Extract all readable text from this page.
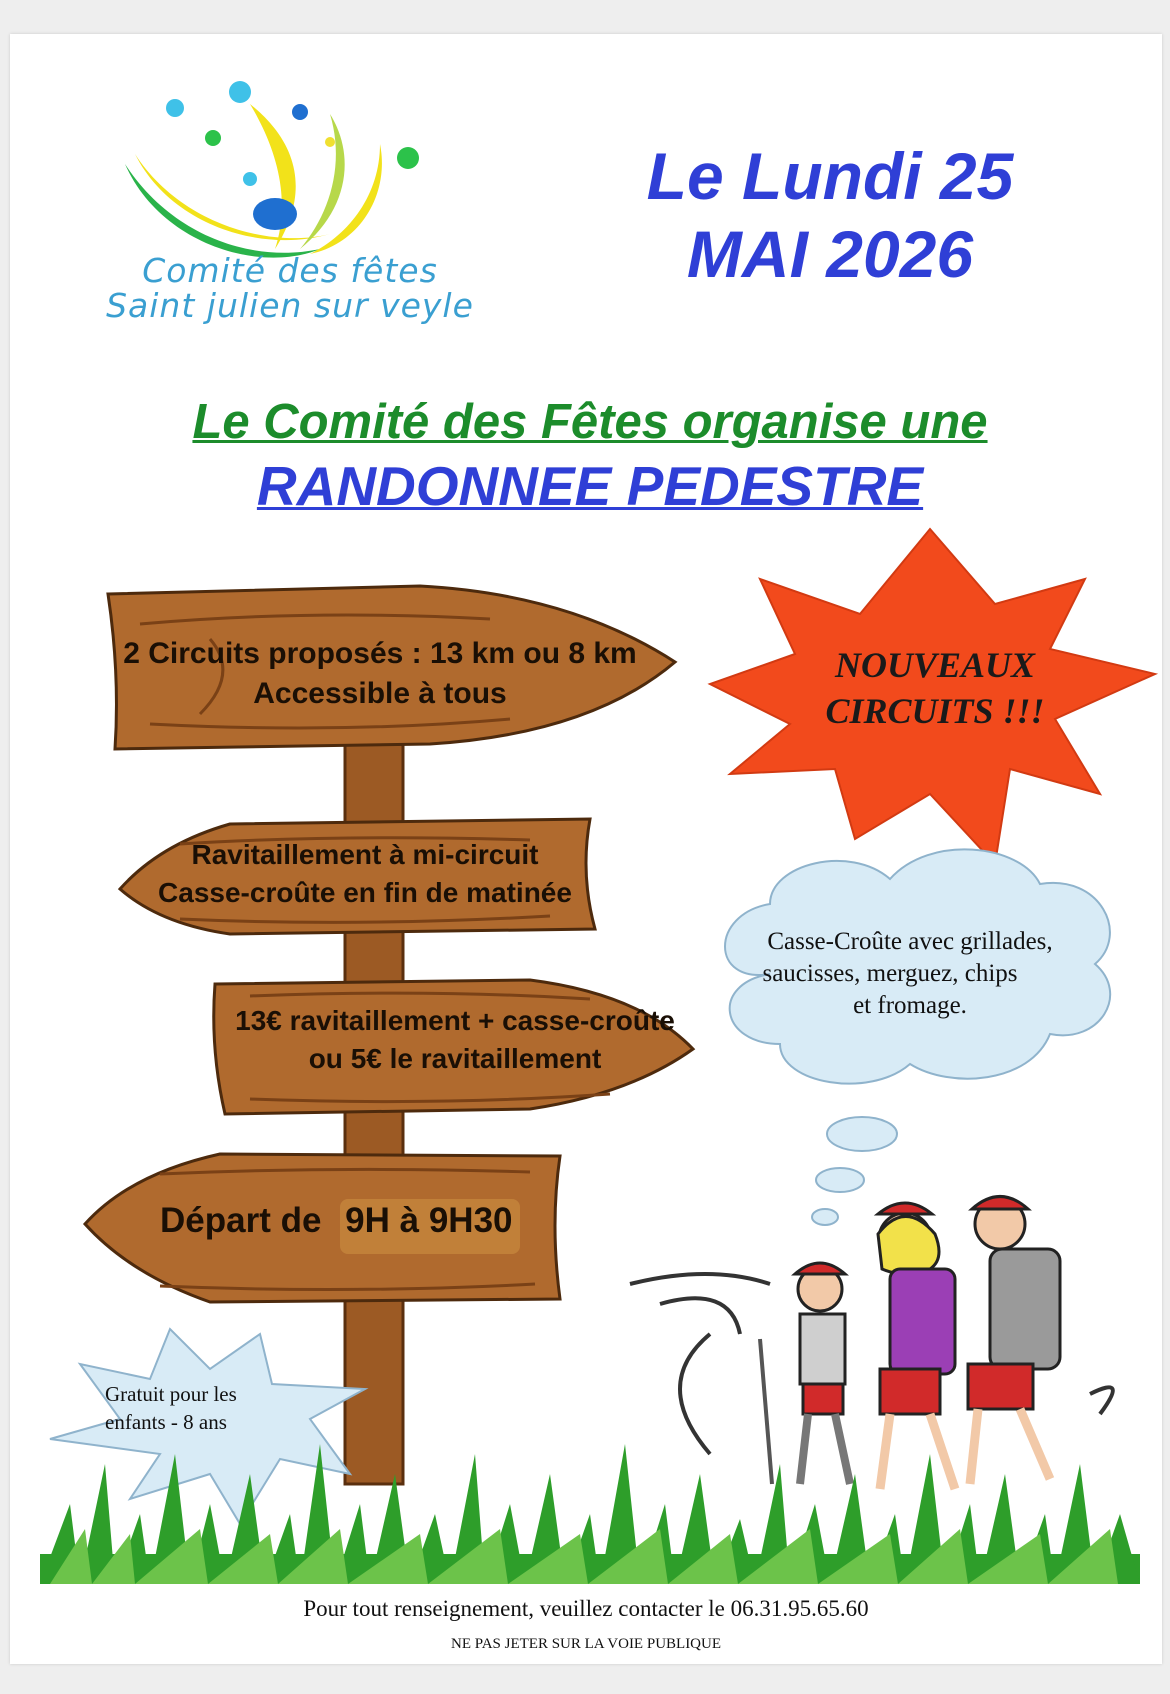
Comité des fêtes
Saint julien sur veyle
Le Lundi 25
MAI 2026
Le Comité des Fêtes organise une
RANDONNEE PEDESTRE
2 Circuits proposés : 13 km ou 8 km
Accessible à tous
Ravitaillement à mi-circuit
Casse-croûte en fin de matinée
13€ ravitaillement + casse-croûte
ou 5€ le ravitaillement
Départ de 9H à 9H30
NOUVEAUX
CIRCUITS !!!
Casse-Croûte avec grillades,
saucisses, merguez, chips
et fromage.
Gratuit pour les
enfants - 8 ans
Pour tout renseignement, veuillez contacter le 06.31.95.65.60
NE PAS JETER SUR LA VOIE PUBLIQUE
